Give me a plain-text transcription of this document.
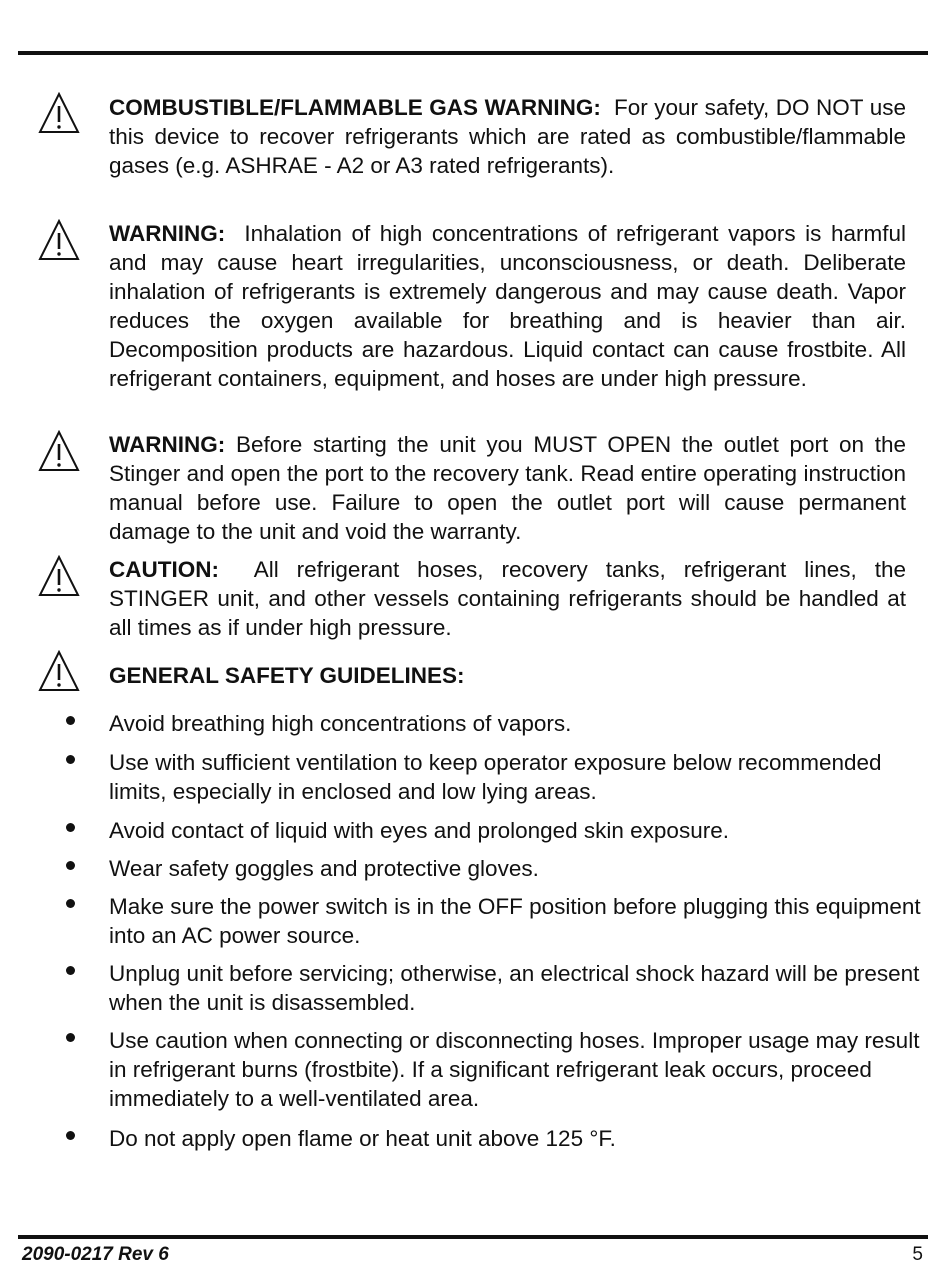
COMBUSTIBLE/FLAMMABLE GAS WARNING: For your safety, DO NOT use this device to recover refrigerants which are rated as combustible/flammable gases (e.g. ASHRAE - A2 or A3 rated refrigerants).

WARNING: Inhalation of high concentrations of refrigerant vapors is harmful and may cause heart irregularities, unconsciousness, or death. Deliberate inhalation of refrigerants is extremely dangerous and may cause death. Vapor reduces the oxygen available for breathing and is heavier than air. Decomposition products are hazardous. Liquid contact can cause frostbite. All refrigerant containers, equipment, and hoses are under high pressure.

WARNING: Before starting the unit you MUST OPEN the outlet port on the Stinger and open the port to the recovery tank. Read entire operating instruction manual before use. Failure to open the outlet port will cause permanent damage to the unit and void the warranty.

CAUTION: All refrigerant hoses, recovery tanks, refrigerant lines, the STINGER unit, and other vessels containing refrigerants should be handled at all times as if under high pressure.

GENERAL SAFETY GUIDELINES:

Avoid breathing high concentrations of vapors.

Use with sufficient ventilation to keep operator exposure below recommended limits, especially in enclosed and low lying areas.

Avoid contact of liquid with eyes and prolonged skin exposure.

Wear safety goggles and protective gloves.

Make sure the power switch is in the OFF position before plugging this equipment into an AC power source.

Unplug unit before servicing; otherwise, an electrical shock hazard will be present when the unit is disassembled.

Use caution when connecting or disconnecting hoses. Improper usage may result in refrigerant burns (frostbite). If a significant refrigerant leak occurs, proceed immediately to a well-ventilated area.

Do not apply open flame or heat unit above 125 °F.

2090-0217 Rev 6	5
